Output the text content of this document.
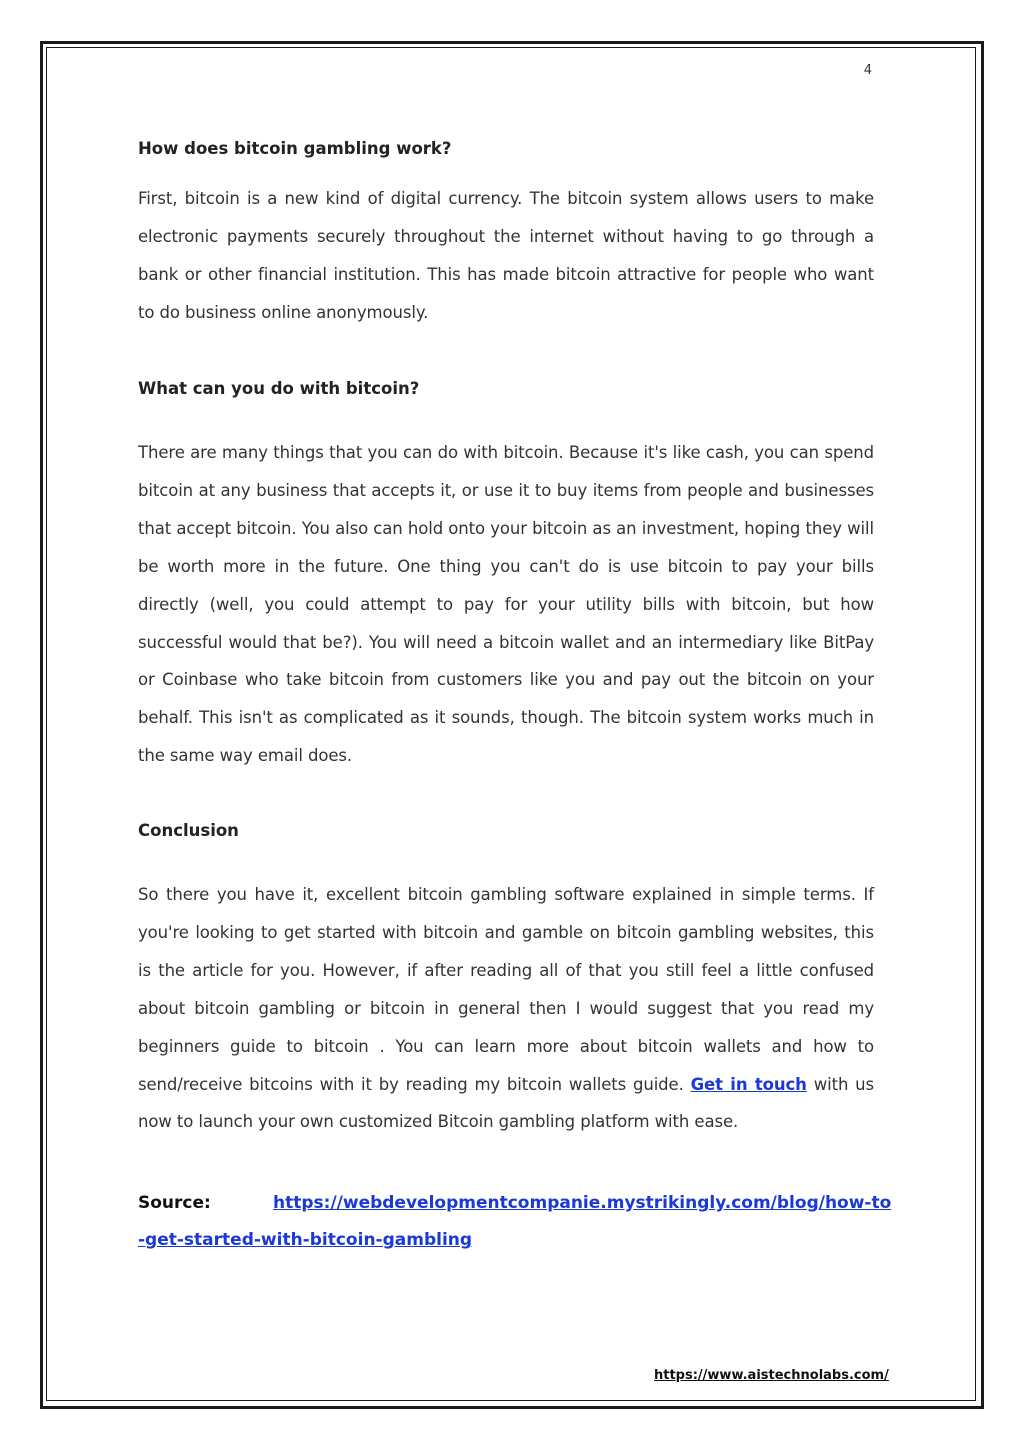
4

How does bitcoin gambling work?

First, bitcoin is a new kind of digital currency. The bitcoin system allows users to make electronic payments securely throughout the internet without having to go through a bank or other financial institution. This has made bitcoin attractive for people who want to do business online anonymously.

What can you do with bitcoin?

There are many things that you can do with bitcoin. Because it's like cash, you can spend bitcoin at any business that accepts it, or use it to buy items from people and businesses that accept bitcoin. You also can hold onto your bitcoin as an investment, hoping they will be worth more in the future. One thing you can't do is use bitcoin to pay your bills directly (well, you could attempt to pay for your utility bills with bitcoin, but how successful would that be?). You will need a bitcoin wallet and an intermediary like BitPay or Coinbase who take bitcoin from customers like you and pay out the bitcoin on your behalf. This isn't as complicated as it sounds, though. The bitcoin system works much in the same way email does.

Conclusion

So there you have it, excellent bitcoin gambling software explained in simple terms. If you're looking to get started with bitcoin and gamble on bitcoin gambling websites, this is the article for you. However, if after reading all of that you still feel a little confused about bitcoin gambling or bitcoin in general then I would suggest that you read my beginners guide to bitcoin . You can learn more about bitcoin wallets and how to send/receive bitcoins with it by reading my bitcoin wallets guide. Get in touch with us now to launch your own customized Bitcoin gambling platform with ease.

Source:	https://webdevelopmentcompanie.mystrikingly.com/blog/how-to-get-started-with-bitcoin-gambling
https://www.aistechnolabs.com/
